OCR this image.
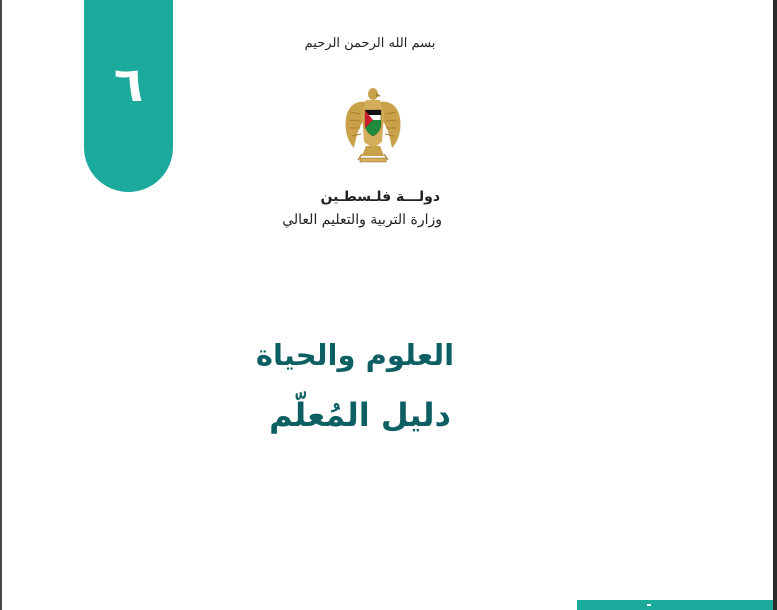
٦
بسم الله الرحمن الرحيم
دولـــة فلـسطـين
وزارة التربية والتعليم العالي
العلوم والحياة
دليل المُعلّم
